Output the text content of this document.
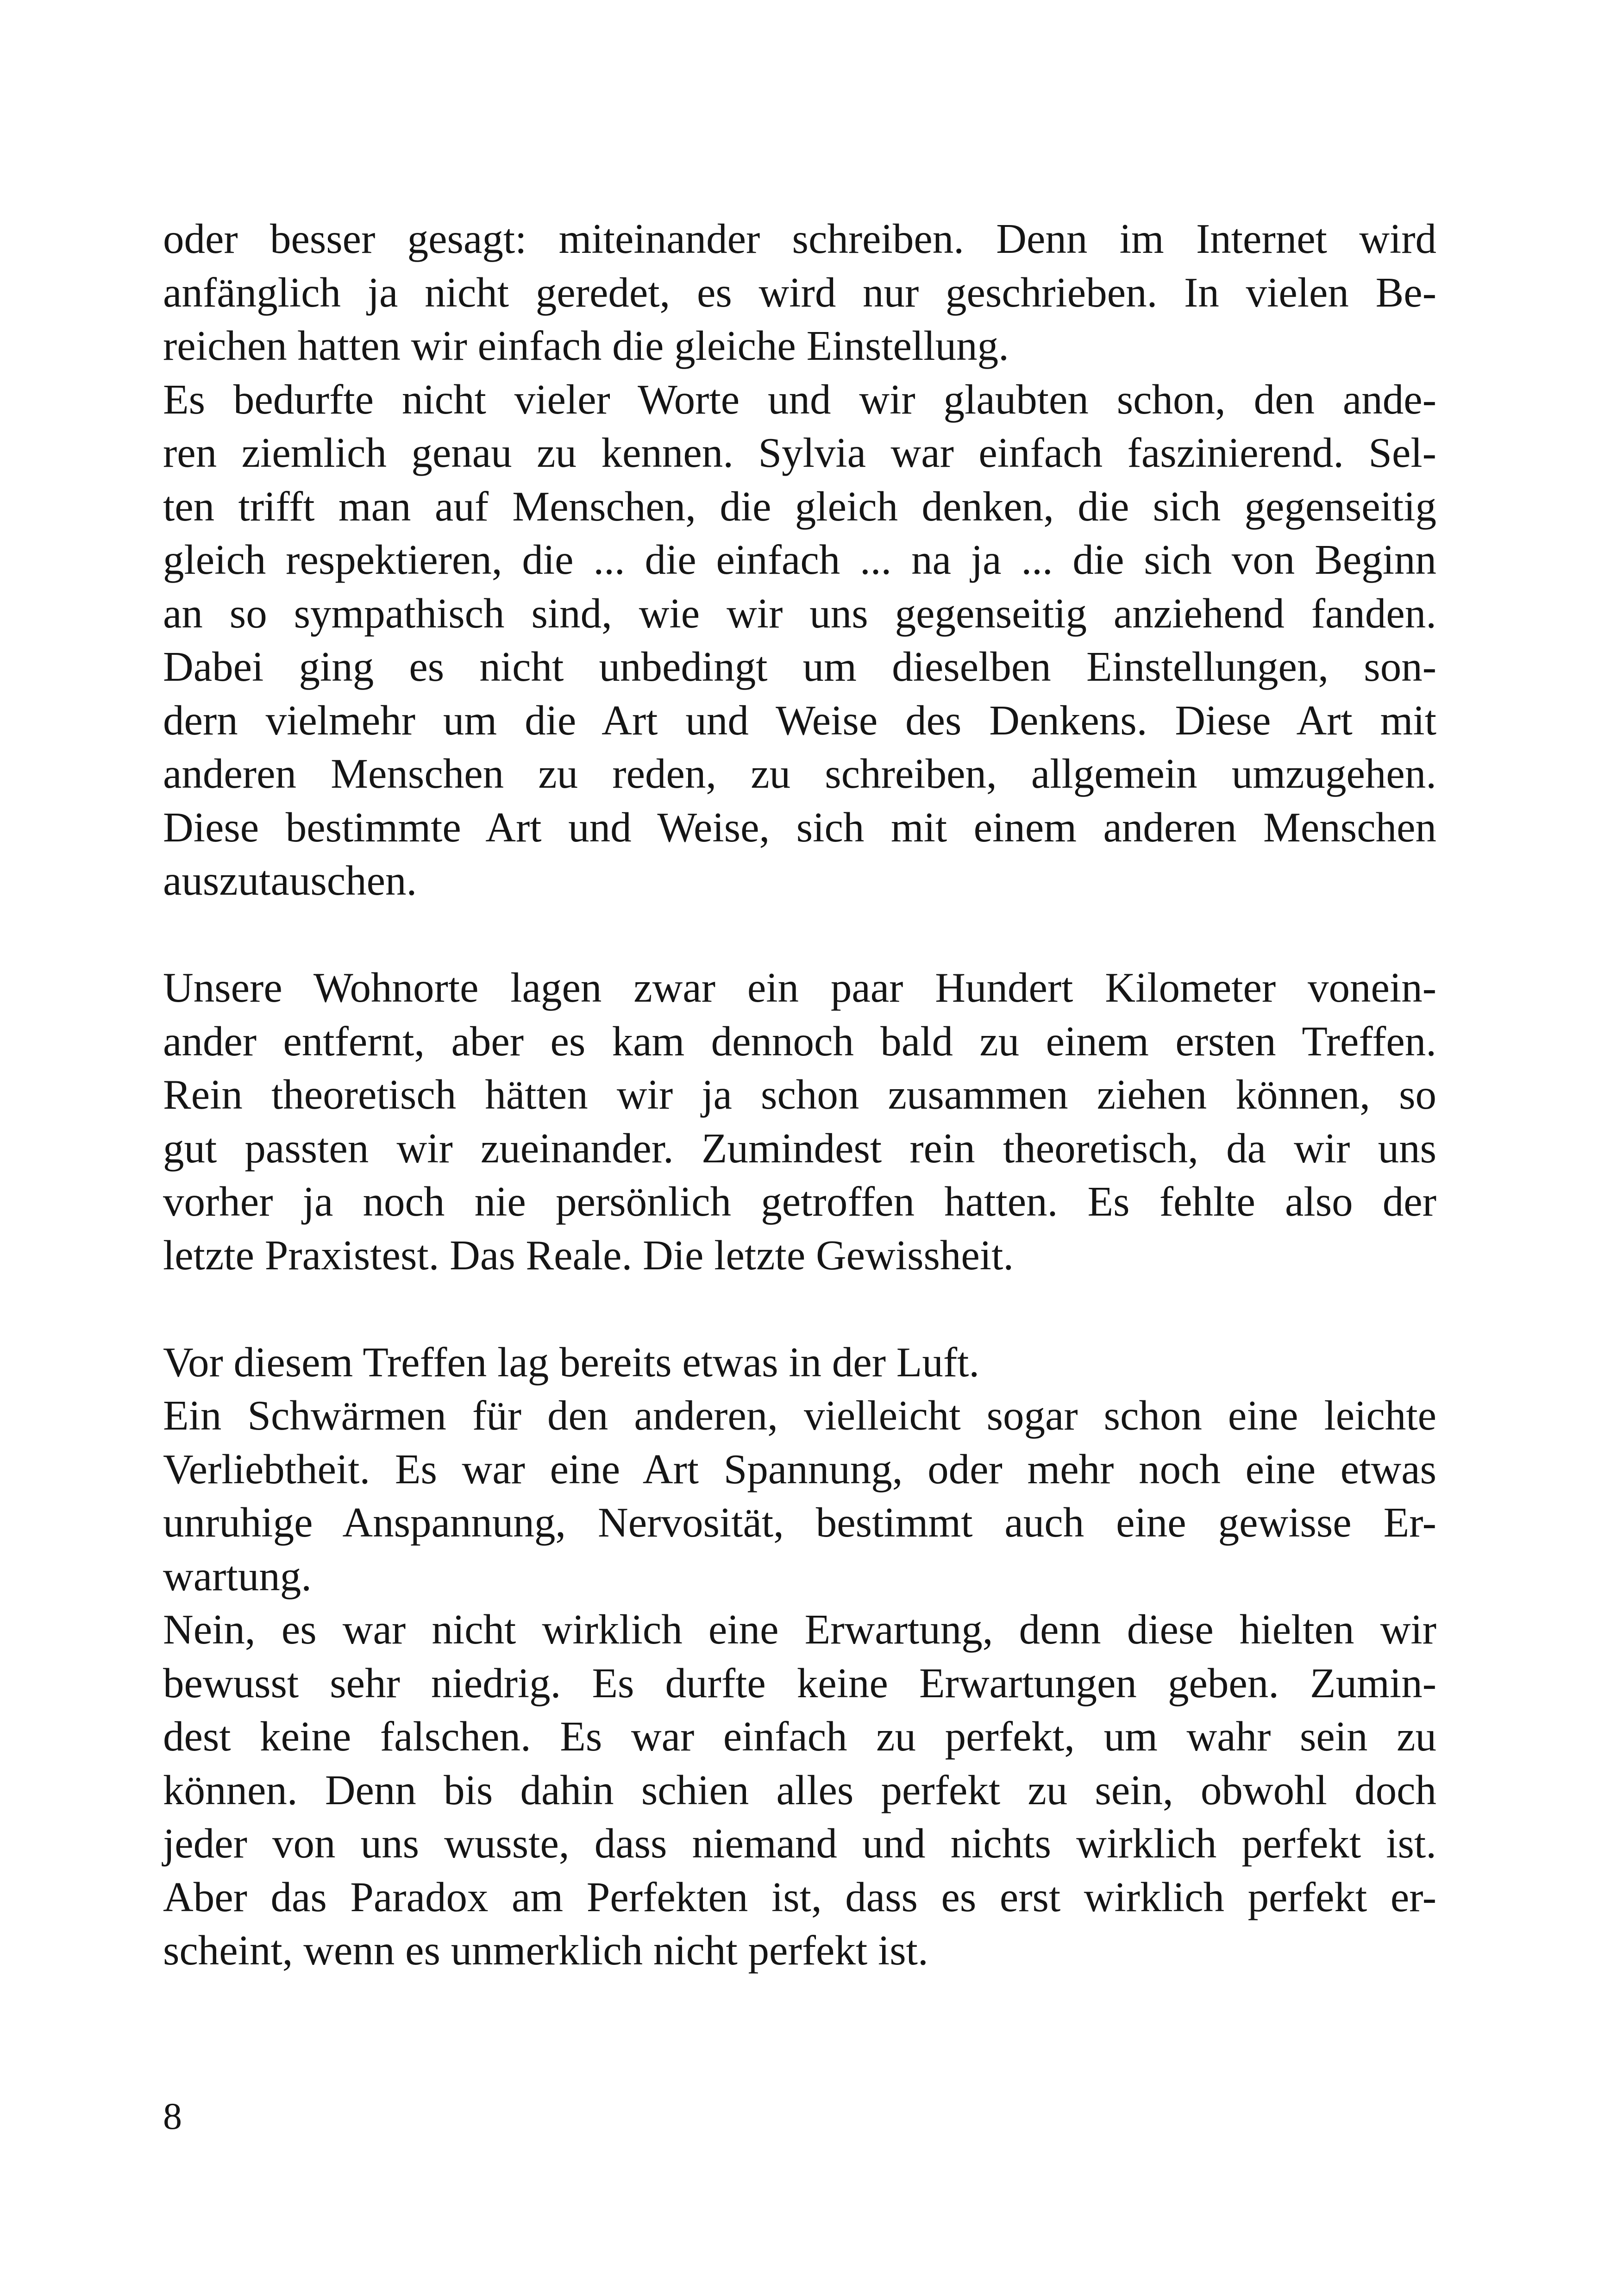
oder besser gesagt: miteinander schreiben. Denn im Internet wird
anfänglich ja nicht geredet, es wird nur geschrieben. In vielen Be-
reichen hatten wir einfach die gleiche Einstellung.
Es bedurfte nicht vieler Worte und wir glaubten schon, den ande-
ren ziemlich genau zu kennen. Sylvia war einfach faszinierend. Sel-
ten trifft man auf Menschen, die gleich denken, die sich gegenseitig
gleich respektieren, die ... die einfach ... na ja ... die sich von Beginn
an so sympathisch sind, wie wir uns gegenseitig anziehend fanden.
Dabei ging es nicht unbedingt um dieselben Einstellungen, son-
dern vielmehr um die Art und Weise des Denkens. Diese Art mit
anderen Menschen zu reden, zu schreiben, allgemein umzugehen.
Diese bestimmte Art und Weise, sich mit einem anderen Menschen
auszutauschen.
Unsere Wohnorte lagen zwar ein paar Hundert Kilometer vonein-
ander entfernt, aber es kam dennoch bald zu einem ersten Treffen.
Rein theoretisch hätten wir ja schon zusammen ziehen können, so
gut passten wir zueinander. Zumindest rein theoretisch, da wir uns
vorher ja noch nie persönlich getroffen hatten. Es fehlte also der
letzte Praxistest. Das Reale. Die letzte Gewissheit.
Vor diesem Treffen lag bereits etwas in der Luft.
Ein Schwärmen für den anderen, vielleicht sogar schon eine leichte
Verliebtheit. Es war eine Art Spannung, oder mehr noch eine etwas
unruhige Anspannung, Nervosität, bestimmt auch eine gewisse Er-
wartung.
Nein, es war nicht wirklich eine Erwartung, denn diese hielten wir
bewusst sehr niedrig. Es durfte keine Erwartungen geben. Zumin-
dest keine falschen. Es war einfach zu perfekt, um wahr sein zu
können. Denn bis dahin schien alles perfekt zu sein, obwohl doch
jeder von uns wusste, dass niemand und nichts wirklich perfekt ist.
Aber das Paradox am Perfekten ist, dass es erst wirklich perfekt er-
scheint, wenn es unmerklich nicht perfekt ist.
8
